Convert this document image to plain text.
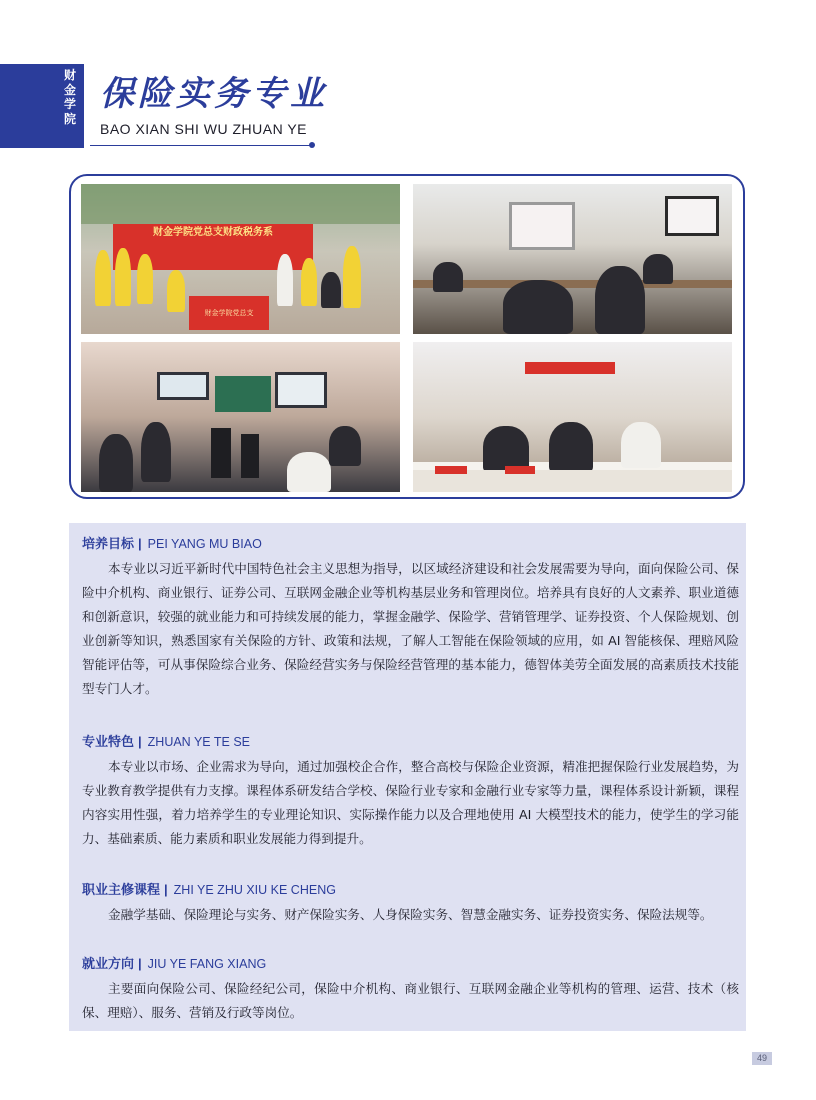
财金学院
保险实务专业
BAO XIAN SHI WU ZHUAN YE
财金学院党总支财政税务系
财金学院党总支
培养目标 | PEI YANG MU BIAO
本专业以习近平新时代中国特色社会主义思想为指导，以区域经济建设和社会发展需要为导向，面向保险公司、保险中介机构、商业银行、证券公司、互联网金融企业等机构基层业务和管理岗位。培养具有良好的人文素养、职业道德和创新意识，较强的就业能力和可持续发展的能力，掌握金融学、保险学、营销管理学、证券投资、个人保险规划、创业创新等知识，熟悉国家有关保险的方针、政策和法规，了解人工智能在保险领域的应用，如 AI 智能核保、理赔风险智能评估等，可从事保险综合业务、保险经营实务与保险经营管理的基本能力，德智体美劳全面发展的高素质技术技能型专门人才。
专业特色 | ZHUAN YE TE SE
本专业以市场、企业需求为导向，通过加强校企合作，整合高校与保险企业资源，精准把握保险行业发展趋势，为专业教育教学提供有力支撑。课程体系研发结合学校、保险行业专家和金融行业专家等力量，课程体系设计新颖，课程内容实用性强，着力培养学生的专业理论知识、实际操作能力以及合理地使用 AI 大模型技术的能力，使学生的学习能力、基础素质、能力素质和职业发展能力得到提升。
职业主修课程 | ZHI YE ZHU XIU KE CHENG
金融学基础、保险理论与实务、财产保险实务、人身保险实务、智慧金融实务、证券投资实务、保险法规等。
就业方向 | JIU YE FANG XIANG
主要面向保险公司、保险经纪公司，保险中介机构、商业银行、互联网金融企业等机构的管理、运营、技术（核保、理赔）、服务、营销及行政等岗位。
49
